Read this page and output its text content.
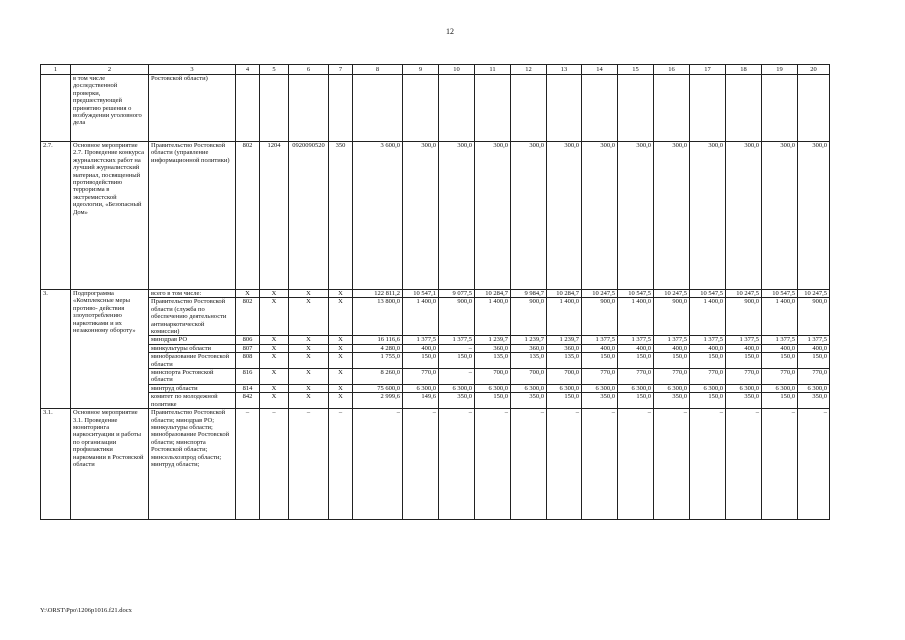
12
1	2	3	4	5	6	7	8	9	10	11	12	13	14	15	16	17	18	19	20
	в том числе доследственной проверки, предшествующей принятию решения о возбуждении уголовного дела	Ростовской области)																	
2.7.	Основное мероприятие 2.7. Проведение конкурса журналистских работ на лучший журналистский материал, посвященный противодействию терроризма в экстремистской идеологии, «Безопасный Дом»	Правительство Ростовской области (управление информационной политики)	802	1204	0920090520	350	3 600,0	300,0	300,0	300,0	300,0	300,0	300,0	300,0	300,0	300,0	300,0	300,0	300,0
3.	Подпрограмма «Комплексные меры противо- действия злоупотреблению наркотиками и их незаконному обороту»	всего в том числе:	Х	Х	Х	Х	122 811,2	10 547,1	9 077,5	10 284,7	9 984,7	10 284,7	10 247,5	10 547,5	10 247,5	10 547,5	10 247,5	10 547,5	10 247,5
		Правительство Ростовской области (служба по обеспечению деятельности антинаркотической комиссии)	802	Х	Х	Х	13 800,0	1 400,0	900,0	1 400,0	900,0	1 400,0	900,0	1 400,0	900,0	1 400,0	900,0	1 400,0	900,0
		минздрав РО	806	Х	Х	Х	16 116,6	1 377,5	1 377,5	1 239,7	1 239,7	1 239,7	1 377,5	1 377,5	1 377,5	1 377,5	1 377,5	1 377,5	1 377,5
		минкультуры области	807	Х	Х	Х	4 280,0	400,0	–	360,0	360,0	360,0	400,0	400,0	400,0	400,0	400,0	400,0	400,0
		минобразование Ростовской области	808	Х	Х	Х	1 755,0	150,0	150,0	135,0	135,0	135,0	150,0	150,0	150,0	150,0	150,0	150,0	150,0
		минспорта Ростовской области	816	Х	Х	Х	8 260,0	770,0	–	700,0	700,0	700,0	770,0	770,0	770,0	770,0	770,0	770,0	770,0
		минтруд области	814	Х	Х	Х	75 600,0	6 300,0	6 300,0	6 300,0	6 300,0	6 300,0	6 300,0	6 300,0	6 300,0	6 300,0	6 300,0	6 300,0	6 300,0
		комитет по молодежной политике	842	Х	Х	Х	2 999,6	149,6	350,0	150,0	350,0	150,0	350,0	150,0	350,0	150,0	350,0	150,0	350,0
3.1.	Основное мероприятие 3.1. Проведение мониторинга наркоситуации и работы по организации профилактики наркомании в Ростовской области	Правительство Ростовской области; минздрав РО; минкультуры области; минобразование Ростовской области; минспорта Ростовской области; минсельхозпрод области; минтруд области;	–	–	–	–	–	–	–	–	–	–	–	–	–	–	–	–	–
Y:\ORST\Ppo\1206p1016.f21.docx
